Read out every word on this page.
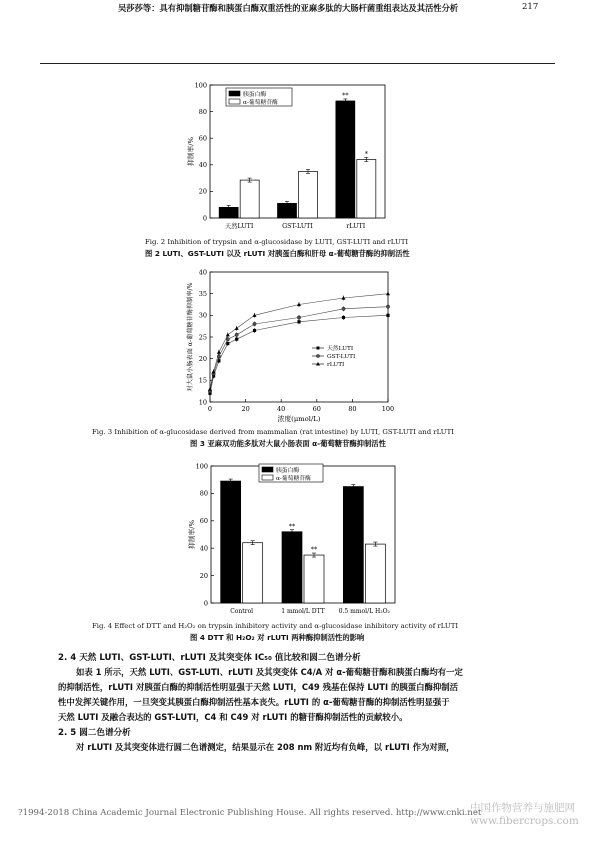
吴莎莎等：具有抑制糖苷酶和胰蛋白酶双重活性的亚麻多肽的大肠杆菌重组表达及其活性分析	217
0
20
40
60
80
100
抑制率/%
天然LUTI	GST-LUTI
**
*
rLUTI
胰蛋白酶
α-葡萄糖苷酶
Fig. 2 Inhibition of trypsin and α-glucosidase by LUTI, GST-LUTI and rLUTI
图 2 LUTI、GST-LUTI 以及 rLUTI 对胰蛋白酶和肝母 α-葡萄糖苷酶的抑制活性
10
15
20
25
30
35
40
0	20	40	60	80	100
浓度(μmol/L)
对大鼠小肠表面 α-葡萄糖苷酶抑制率/%	天然LUTI
GST-LUTI
rLUTI
Fig. 3 Inhibition of α-glucosidase derived from mammalian (rat intestine) by LUTI, GST-LUTI and rLUTI
图 3 亚麻双功能多肽对大鼠小肠表面 α-葡萄糖苷酶抑制活性
0
20
40
60
80
100
抑制率/%
Control
**
**
1 mmol/L DTT 0.5 mmol/L H₂O₂
胰蛋白酶
α-葡萄糖苷酶
Fig. 4 Effect of DTT and H₂O₂ on trypsin inhibitory activity and α-glucosidase inhibitory activity of rLUTI
图 4 DTT 和 H₂O₂ 对 rLUTI 两种酶抑制活性的影响
2. 4 天然 LUTI、GST-LUTI、rLUTI 及其突变体 IC₅₀ 值比较和圆二色谱分析
如表 1 所示，天然 LUTI、GST-LUTI、rLUTI 及其突变体 C4/A 对 α-葡萄糖苷酶和胰蛋白酶均有一定
的抑制活性，rLUTI 对胰蛋白酶的抑制活性明显强于天然 LUTI，C49 残基在保持 LUTI 的胰蛋白酶抑制活
性中发挥关键作用，一旦突变其胰蛋白酶抑制活性基本丧失。rLUTI 的 α-葡萄糖苷酶的抑制活性明显强于
天然 LUTI 及融合表达的 GST-LUTI，C4 和 C49 对 rLUTI 的糖苷酶抑制活性的贡献较小。
2. 5 圆二色谱分析
对 rLUTI 及其突变体进行圆二色谱测定，结果显示在 208 nm 附近均有负峰，以 rLUTI 作为对照，
?1994-2018 China Academic Journal Electronic Publishing House. All rights reserved. http://www.cnki.net
中国作物营养与施肥网
www.fibercrops.com
